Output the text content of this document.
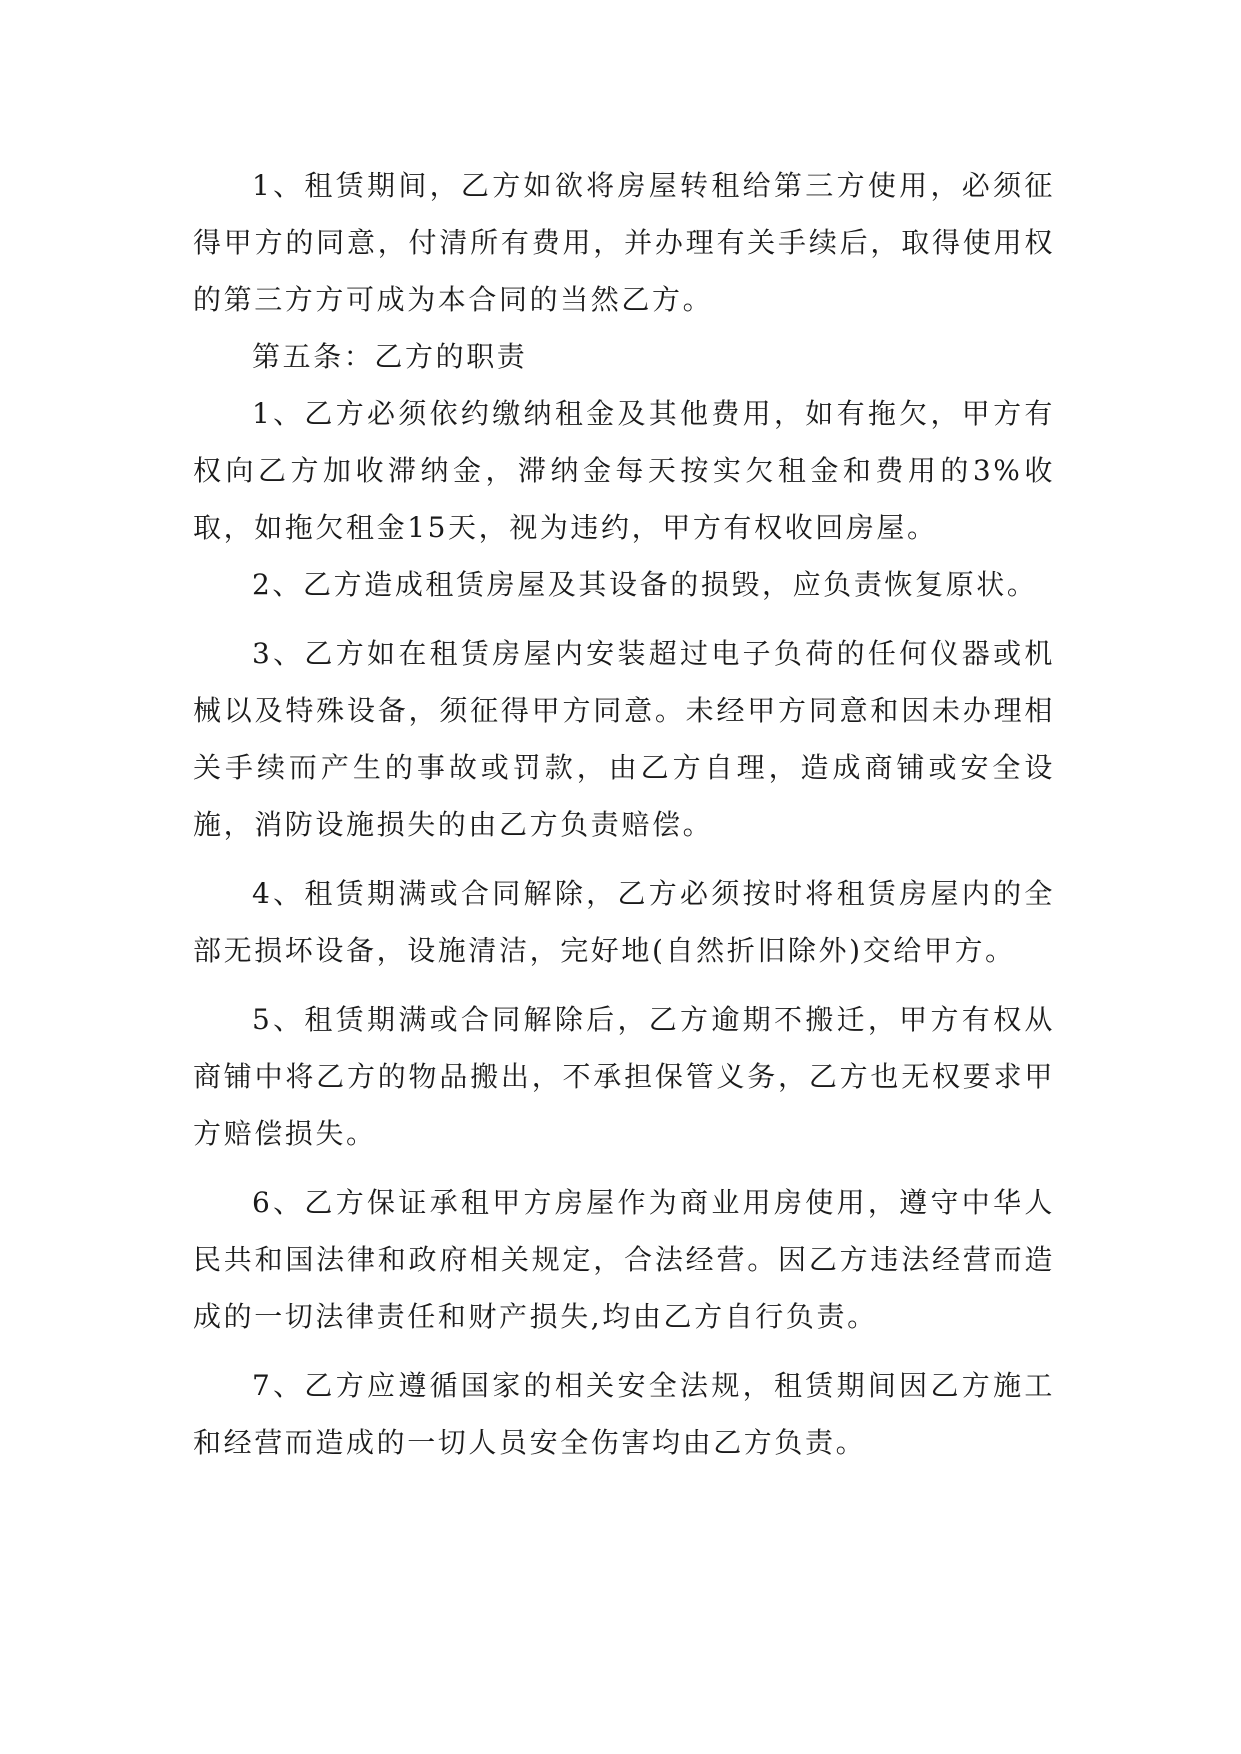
1、租赁期间，乙方如欲将房屋转租给第三方使用，必须征得甲方的同意，付清所有费用，并办理有关手续后，取得使用权的第三方方可成为本合同的当然乙方。

第五条：乙方的职责

1、乙方必须依约缴纳租金及其他费用，如有拖欠，甲方有权向乙方加收滞纳金，滞纳金每天按实欠租金和费用的3%收取，如拖欠租金15天，视为违约，甲方有权收回房屋。

2、乙方造成租赁房屋及其设备的损毁，应负责恢复原状。

3、乙方如在租赁房屋内安装超过电子负荷的任何仪器或机械以及特殊设备，须征得甲方同意。未经甲方同意和因未办理相关手续而产生的事故或罚款，由乙方自理，造成商铺或安全设施，消防设施损失的由乙方负责赔偿。

4、租赁期满或合同解除，乙方必须按时将租赁房屋内的全部无损坏设备，设施清洁，完好地(自然折旧除外)交给甲方。

5、租赁期满或合同解除后，乙方逾期不搬迁，甲方有权从商铺中将乙方的物品搬出，不承担保管义务，乙方也无权要求甲方赔偿损失。

6、乙方保证承租甲方房屋作为商业用房使用，遵守中华人民共和国法律和政府相关规定，合法经营。因乙方违法经营而造成的一切法律责任和财产损失,均由乙方自行负责。

7、乙方应遵循国家的相关安全法规，租赁期间因乙方施工和经营而造成的一切人员安全伤害均由乙方负责。
